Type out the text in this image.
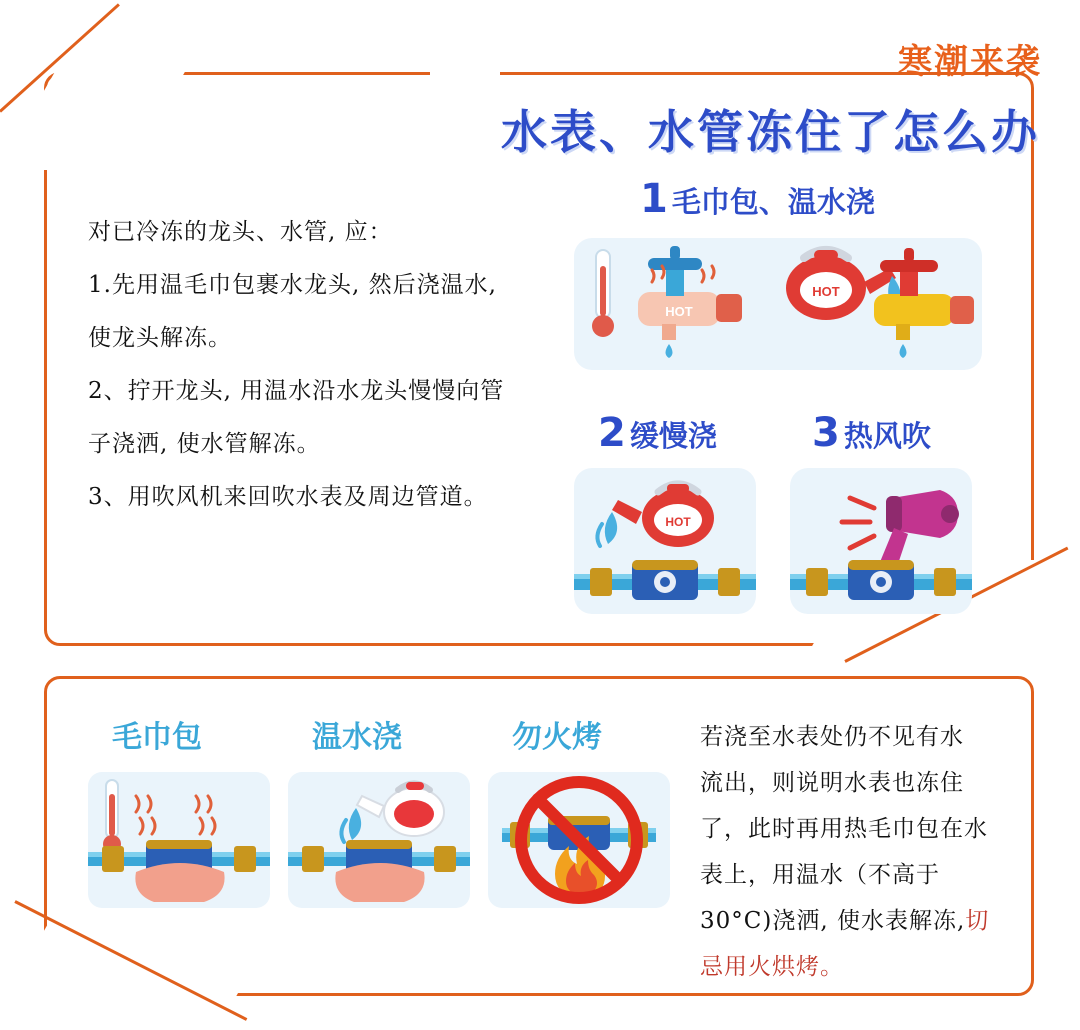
寒潮来袭
水表、水管冻住了怎么办

对已冷冻的龙头、水管, 应：

1.先用温毛巾包裹水龙头, 然后浇温水,

使龙头解冻。

2、拧开龙头, 用温水沿水龙头慢慢向管

子浇洒, 使水管解冻。

3、用吹风机来回吹水表及周边管道。

1 毛巾包、温水浇
HOT
HOT
2 缓慢浇
HOT
3 热风吹
毛巾包	温水浇	勿火烤	若浇至水表处仍不见有水
流出，则说明水表也冻住
了，此时再用热毛巾包在水
表上，用温水（不高于
30°C)浇洒, 使水表解冻,切
忌用火烘烤。
